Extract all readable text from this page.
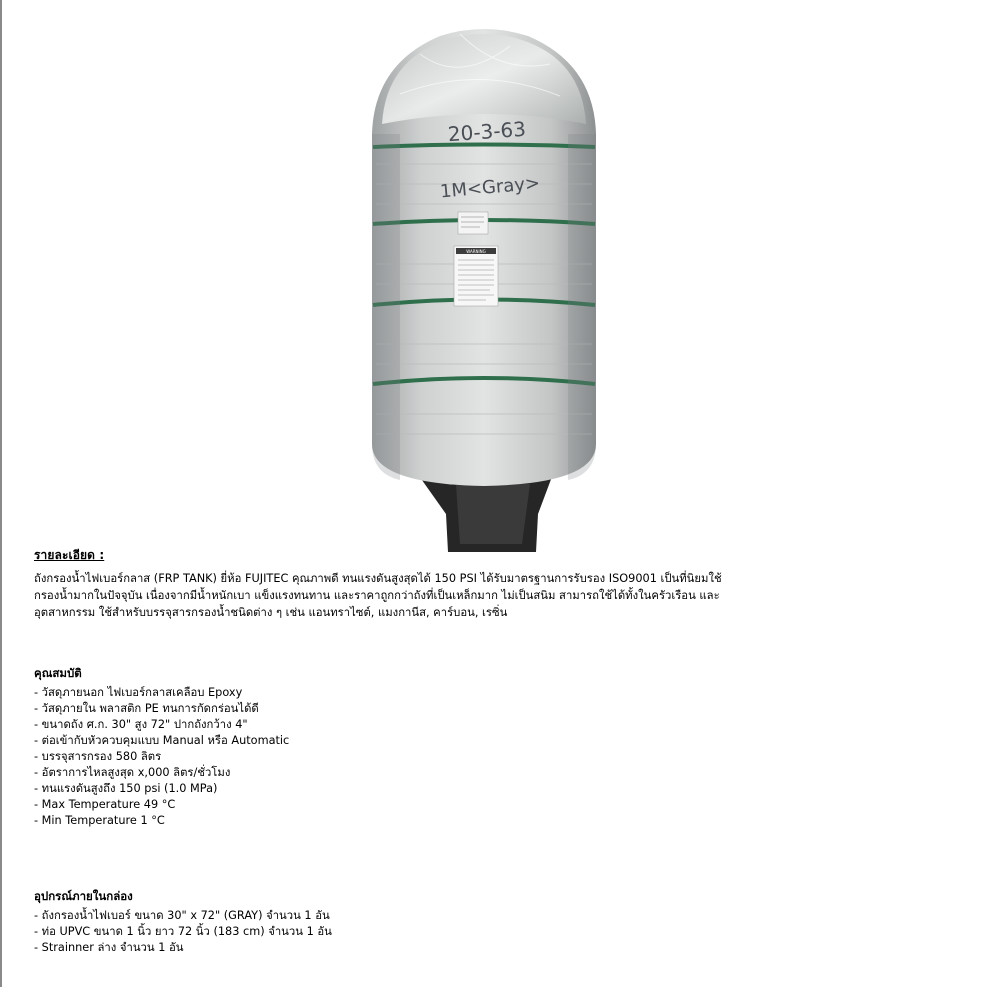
20-3-63
1M<Gray>
WARNING
รายละเอียด :
ถังกรองน้ำไฟเบอร์กลาส (FRP TANK) ยี่ห้อ FUJITEC คุณภาพดี ทนแรงดันสูงสุดได้ 150 PSI ได้รับมาตรฐานการรับรอง ISO9001 เป็นที่นิยมใช้
กรองน้ำมากในปัจจุบัน เนื่องจากมีน้ำหนักเบา แข็งแรงทนทาน และราคาถูกกว่าถังที่เป็นเหล็กมาก ไม่เป็นสนิม สามารถใช้ได้ทั้งในครัวเรือน และ
อุตสาหกรรม ใช้สำหรับบรรจุสารกรองน้ำชนิดต่าง ๆ เช่น แอนทราไซต์, แมงกานีส, คาร์บอน, เรซิ่น
คุณสมบัติ
- วัสดุภายนอก ไฟเบอร์กลาสเคลือบ Epoxy
- วัสดุภายใน พลาสติก PE ทนการกัดกร่อนได้ดี
- ขนาดถัง ศ.ก. 30" สูง 72" ปากถังกว้าง 4"
- ต่อเข้ากับหัวควบคุมแบบ Manual หรือ Automatic
- บรรจุสารกรอง 580 ลิตร
- อัตราการไหลสูงสุด x,000 ลิตร/ชั่วโมง
- ทนแรงดันสูงถึง 150 psi (1.0 MPa)
- Max Temperature 49 °C
- Min Temperature 1 °C
อุปกรณ์ภายในกล่อง
- ถังกรองน้ำไฟเบอร์ ขนาด 30" x 72" (GRAY) จำนวน 1 อัน
- ท่อ UPVC ขนาด 1 นิ้ว ยาว 72 นิ้ว (183 cm) จำนวน 1 อัน
- Strainner ล่าง จำนวน 1 อัน
